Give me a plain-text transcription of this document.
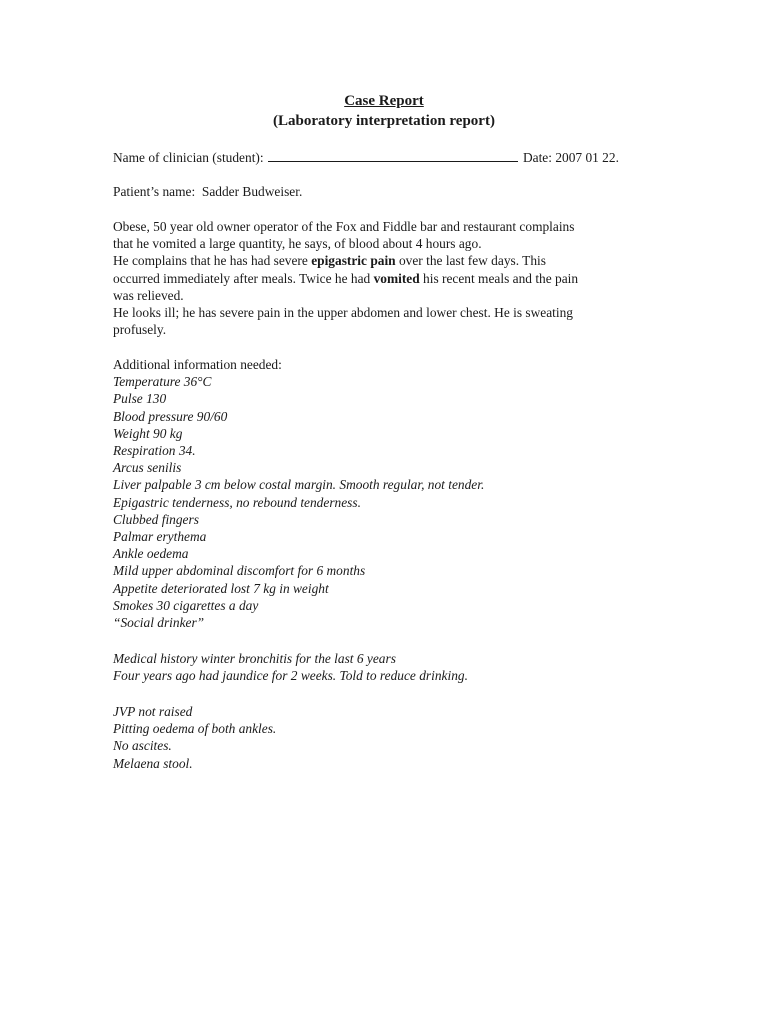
Case Report
(Laboratory interpretation report)
Name of clinician (student):	Date: 2007 01 22.
Patient’s name: Sadder Budweiser.
Obese, 50 year old owner operator of the Fox and Fiddle bar and restaurant complains
that he vomited a large quantity, he says, of blood about 4 hours ago.
He complains that he has had severe epigastric pain over the last few days. This
occurred immediately after meals. Twice he had vomited his recent meals and the pain
was relieved.
He looks ill; he has severe pain in the upper abdomen and lower chest. He is sweating
profusely.
Additional information needed:
Temperature 36°C
Pulse 130
Blood pressure 90/60
Weight 90 kg
Respiration 34.
Arcus senilis
Liver palpable 3 cm below costal margin. Smooth regular, not tender.
Epigastric tenderness, no rebound tenderness.
Clubbed fingers
Palmar erythema
Ankle oedema
Mild upper abdominal discomfort for 6 months
Appetite deteriorated lost 7 kg in weight
Smokes 30 cigarettes a day
“Social drinker”
Medical history winter bronchitis for the last 6 years
Four years ago had jaundice for 2 weeks. Told to reduce drinking.
JVP not raised
Pitting oedema of both ankles.
No ascites.
Melaena stool.
